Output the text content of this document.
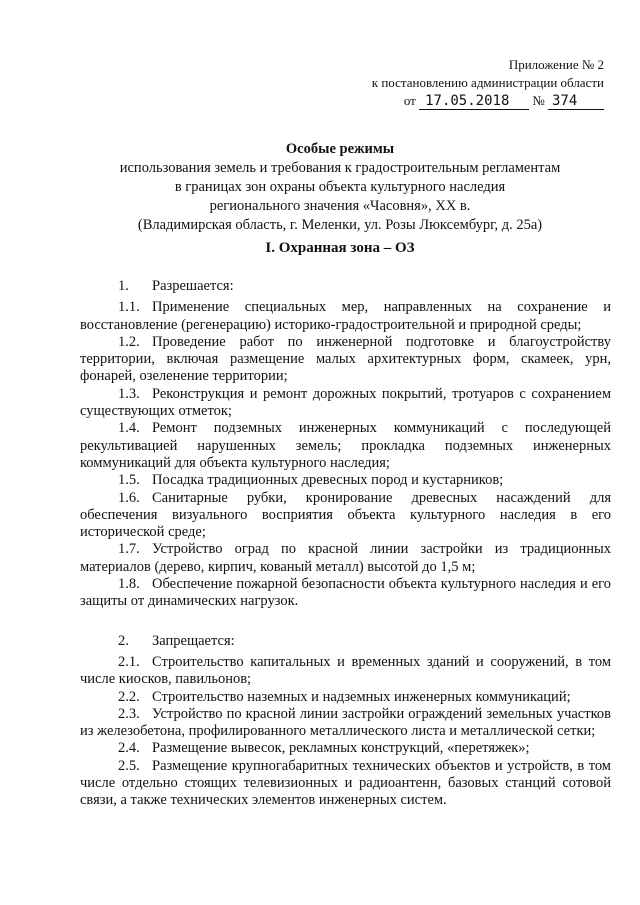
Приложение № 2
к постановлению администрации области
от 17.05.2018 № 374
Особые режимы
использования земель и требования к градостроительным регламентам
в границах зон охраны объекта культурного наследия
регионального значения «Часовня», XX в.
(Владимирская область, г. Меленки, ул. Розы Люксембург, д. 25а)
I. Охранная зона – ОЗ

1. Разрешается:

1.1. Применение специальных мер, направленных на сохранение и восстановление (регенерацию) историко-градостроительной и природной среды;

1.2. Проведение работ по инженерной подготовке и благоустройству территории, включая размещение малых архитектурных форм, скамеек, урн, фонарей, озеленение территории;

1.3. Реконструкция и ремонт дорожных покрытий, тротуаров с сохранением существующих отметок;

1.4. Ремонт подземных инженерных коммуникаций с последующей рекультивацией нарушенных земель; прокладка подземных инженерных коммуникаций для объекта культурного наследия;

1.5. Посадка традиционных древесных пород и кустарников;

1.6. Санитарные рубки, кронирование древесных насаждений для обеспечения визуального восприятия объекта культурного наследия в его исторической среде;

1.7. Устройство оград по красной линии застройки из традиционных материалов (дерево, кирпич, кованый металл) высотой до 1,5 м;

1.8. Обеспечение пожарной безопасности объекта культурного наследия и его защиты от динамических нагрузок.

2. Запрещается:

2.1. Строительство капитальных и временных зданий и сооружений, в том числе киосков, павильонов;

2.2. Строительство наземных и надземных инженерных коммуникаций;

2.3. Устройство по красной линии застройки ограждений земельных участков из железобетона, профилированного металлического листа и металлической сетки;

2.4. Размещение вывесок, рекламных конструкций, «перетяжек»;

2.5. Размещение крупногабаритных технических объектов и устройств, в том числе отдельно стоящих телевизионных и радиоантенн, базовых станций сотовой связи, а также технических элементов инженерных систем.
